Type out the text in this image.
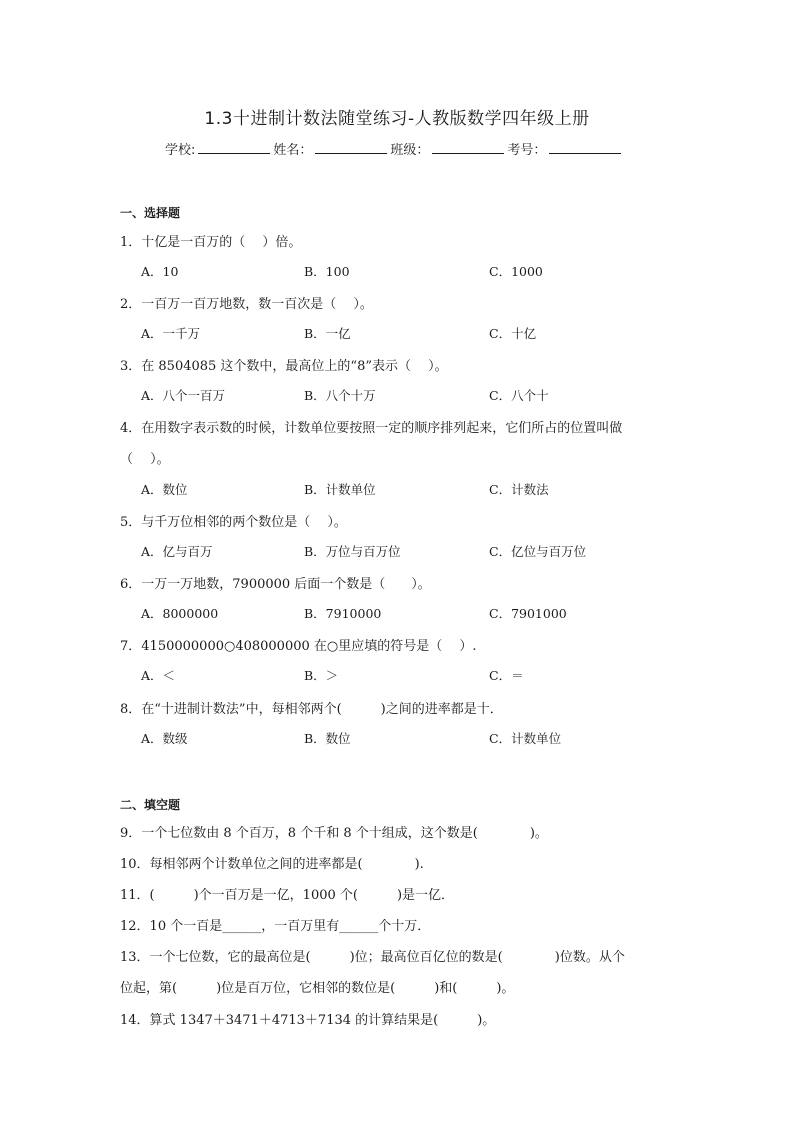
1.3十进制计数法随堂练习-人教版数学四年级上册
学校:	姓名：	班级：	考号：
一、选择题
1．十亿是一百万的（　 ）倍。
A．10	B．100	C．1000
2．一百万一百万地数，数一百次是（　 ）。
A．一千万	B．一亿	C．十亿
3．在 8504085 这个数中，最高位上的“8”表示（　 ）。
A．八个一百万	B．八个十万	C．八个十
4．在用数字表示数的时候，计数单位要按照一定的顺序排列起来，它们所占的位置叫做
（　 ）。
A．数位	B．计数单位	C．计数法
5．与千万位相邻的两个数位是（　 ）。
A．亿与百万	B．万位与百万位	C．亿位与百万位
6．一万一万地数，7900000 后面一个数是（　　）。
A．8000000	B．7910000	C．7901000
7．4150000000○408000000 在○里应填的符号是（　 ）.
A．＜	B．＞	C．＝
8．在“十进制计数法”中，每相邻两个(　　　)之间的进率都是十．
A．数级	B．数位	C．计数单位
二、填空题
9．一个七位数由 8 个百万，8 个千和 8 个十组成，这个数是(　　　　)。
10．每相邻两个计数单位之间的进率都是(　　　　).
11．(　　　)个一百万是一亿，1000 个(　　　)是一亿．
12．10 个一百是______，一百万里有______个十万．
13．一个七位数，它的最高位是(　　　)位；最高位百亿位的数是(　　　　)位数。从个
位起，第(　　　)位是百万位，它相邻的数位是(　　　)和(　　　)。
14．算式 1347＋3471＋4713＋7134 的计算结果是(　　　)。
